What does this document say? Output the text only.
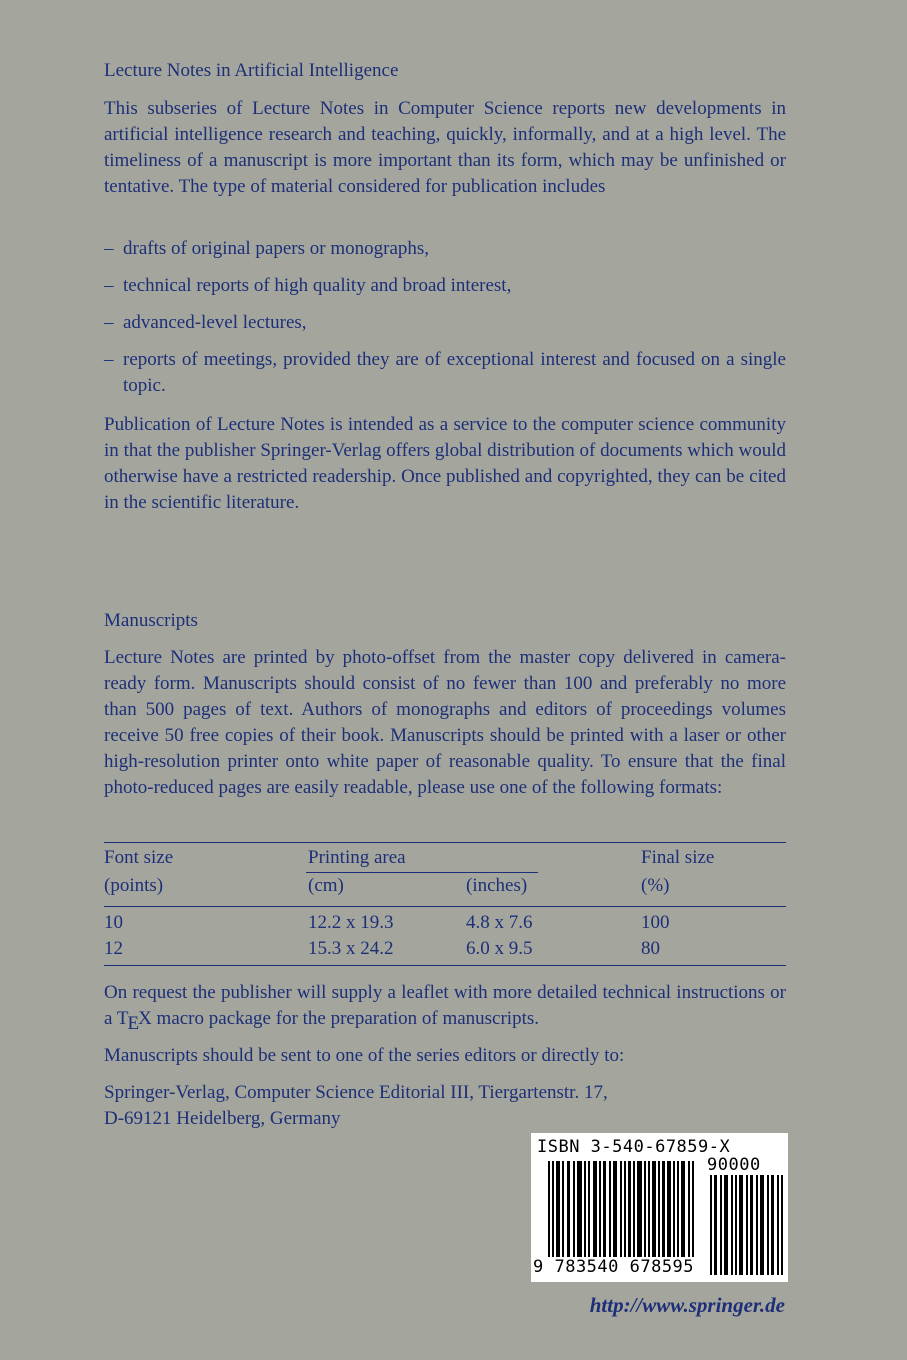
Lecture Notes in Artificial Intelligence
This subseries of Lecture Notes in Computer Science reports new developments in artificial intelligence research and teaching, quickly, informally, and at a high level. The timeliness of a manuscript is more important than its form, which may be unfinished or tentative. The type of material considered for publication includes
– drafts of original papers or monographs,
– technical reports of high quality and broad interest,
– advanced-level lectures,
– reports of meetings, provided they are of exceptional interest and focused on a single topic.
Publication of Lecture Notes is intended as a service to the computer science community in that the publisher Springer-Verlag offers global distribution of documents which would otherwise have a restricted readership. Once published and copyrighted, they can be cited in the scientific literature.
Manuscripts
Lecture Notes are printed by photo-offset from the master copy delivered in camera-ready form. Manuscripts should consist of no fewer than 100 and preferably no more than 500 pages of text. Authors of monographs and editors of proceedings volumes receive 50 free copies of their book. Manuscripts should be printed with a laser or other high-resolution printer onto white paper of reasonable quality. To ensure that the final photo-reduced pages are easily readable, please use one of the following formats:
Font size	Printing area	Final size
(points)	(cm)	(inches)	(%)
10	12.2 x 19.3	4.8 x 7.6	100
12	15.3 x 24.2	6.0 x 9.5	80
On request the publisher will supply a leaflet with more detailed technical instructions or a TEX macro package for the preparation of manuscripts.
Manuscripts should be sent to one of the series editors or directly to:
Springer-Verlag, Computer Science Editorial III, Tiergartenstr. 17,
D-69121 Heidelberg, Germany
ISBN 3-540-67859-X
90000
9 783540 678595
http://www.springer.de
